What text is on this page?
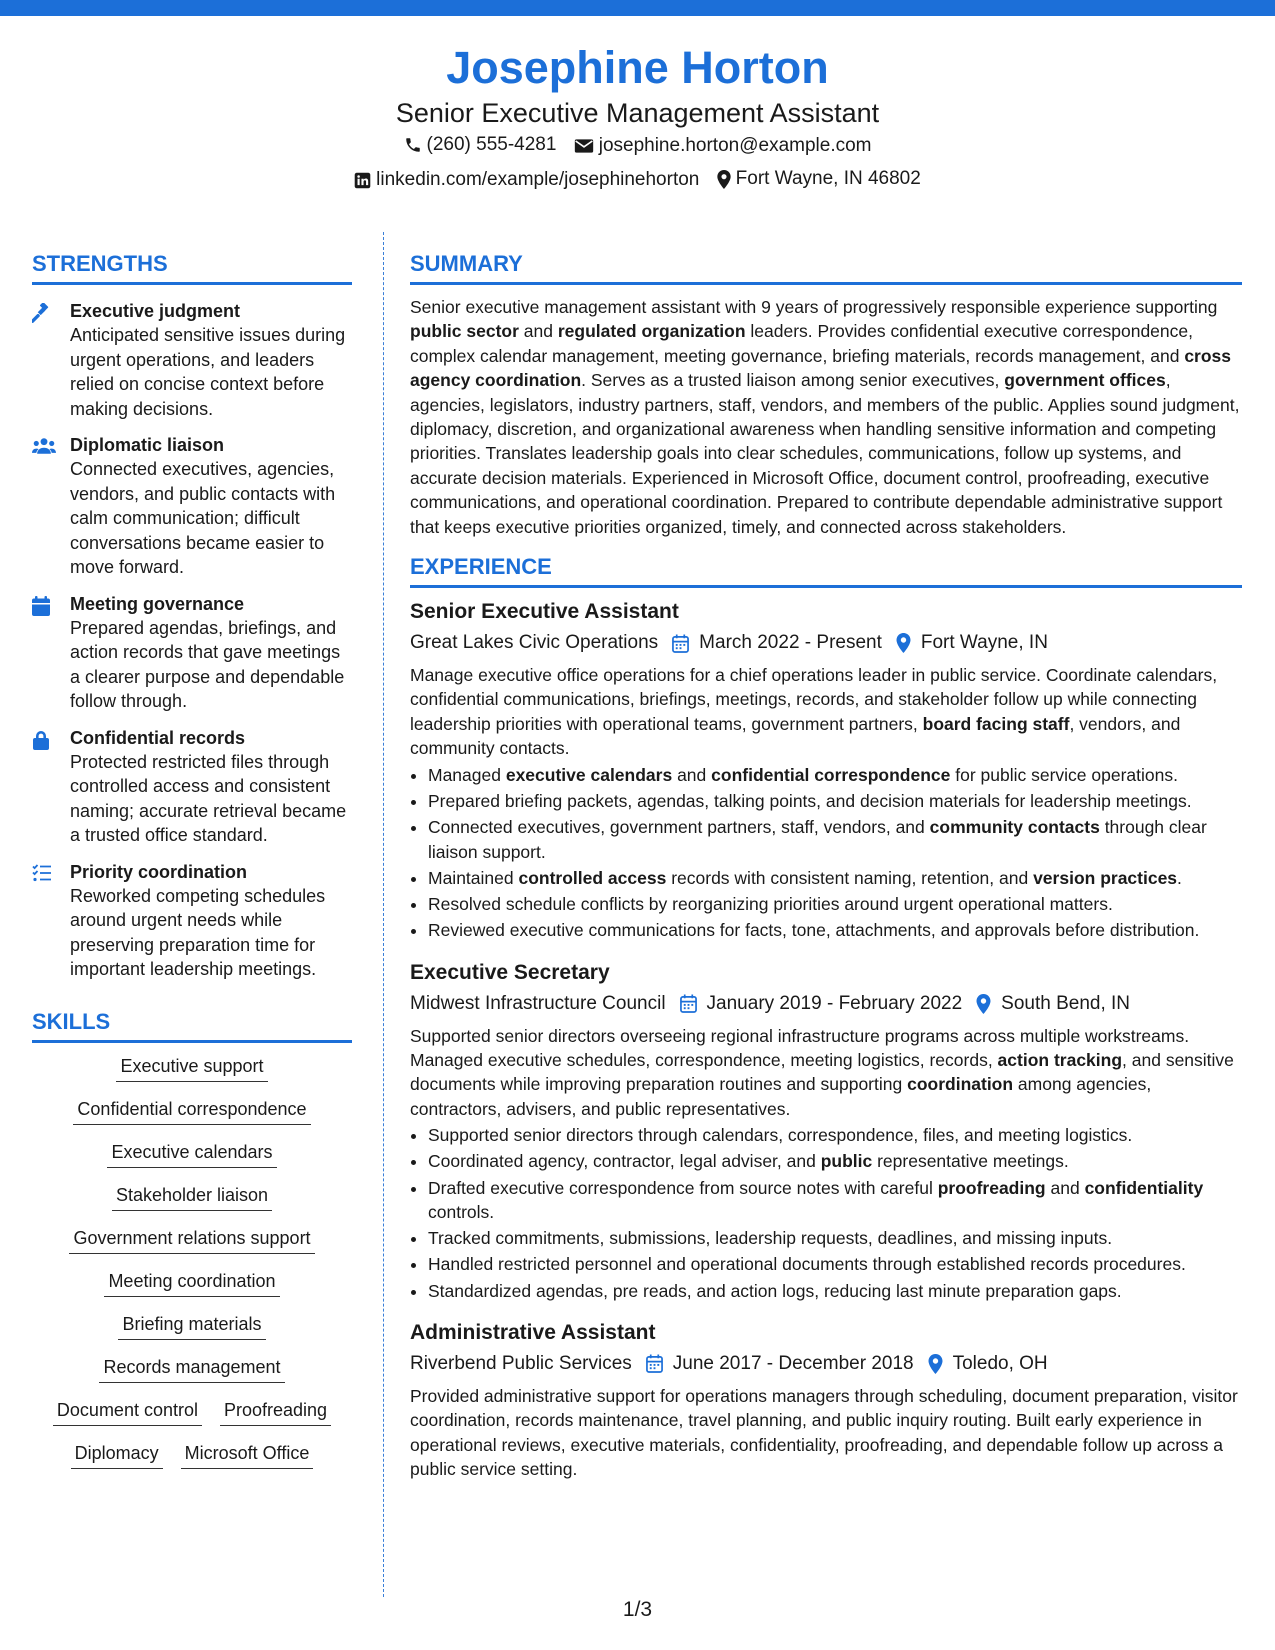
Josephine Horton
Senior Executive Management Assistant
(260) 555-4281
josephine.horton@example.com
linkedin.com/example/josephinehorton
Fort Wayne, IN 46802
STRENGTHS
Executive judgment
Anticipated sensitive issues during urgent operations, and leaders relied on concise context before making decisions.
Diplomatic liaison
Connected executives, agencies, vendors, and public contacts with calm communication; difficult conversations became easier to move forward.
Meeting governance
Prepared agendas, briefings, and action records that gave meetings a clearer purpose and dependable follow through.
Confidential records
Protected restricted files through controlled access and consistent naming; accurate retrieval became a trusted office standard.
Priority coordination
Reworked competing schedules around urgent needs while preserving preparation time for important leadership meetings.
SKILLS
Executive support
Confidential correspondence
Executive calendars
Stakeholder liaison
Government relations support
Meeting coordination
Briefing materials
Records management
Document control Proofreading
Diplomacy Microsoft Office
SUMMARY
Senior executive management assistant with 9 years of progressively responsible experience supporting public sector and regulated organization leaders. Provides confidential executive correspondence, complex calendar management, meeting governance, briefing materials, records management, and cross agency coordination. Serves as a trusted liaison among senior executives, government offices, agencies, legislators, industry partners, staff, vendors, and members of the public. Applies sound judgment, diplomacy, discretion, and organizational awareness when handling sensitive information and competing priorities. Translates leadership goals into clear schedules, communications, follow up systems, and accurate decision materials. Experienced in Microsoft Office, document control, proofreading, executive communications, and operational coordination. Prepared to contribute dependable administrative support that keeps executive priorities organized, timely, and connected across stakeholders.
EXPERIENCE
Senior Executive Assistant
Great Lakes Civic Operations	March 2022 - Present	Fort Wayne, IN
Manage executive office operations for a chief operations leader in public service. Coordinate calendars, confidential communications, briefings, meetings, records, and stakeholder follow up while connecting leadership priorities with operational teams, government partners, board facing staff, vendors, and community contacts.
• Managed executive calendars and confidential correspondence for public service operations.
• Prepared briefing packets, agendas, talking points, and decision materials for leadership meetings.
• Connected executives, government partners, staff, vendors, and community contacts through clear liaison support.
• Maintained controlled access records with consistent naming, retention, and version practices.
• Resolved schedule conflicts by reorganizing priorities around urgent operational matters.
• Reviewed executive communications for facts, tone, attachments, and approvals before distribution.
Executive Secretary
Midwest Infrastructure Council	January 2019 - February 2022	South Bend, IN
Supported senior directors overseeing regional infrastructure programs across multiple workstreams. Managed executive schedules, correspondence, meeting logistics, records, action tracking, and sensitive documents while improving preparation routines and supporting coordination among agencies, contractors, advisers, and public representatives.
• Supported senior directors through calendars, correspondence, files, and meeting logistics.
• Coordinated agency, contractor, legal adviser, and public representative meetings.
• Drafted executive correspondence from source notes with careful proofreading and confidentiality controls.
• Tracked commitments, submissions, leadership requests, deadlines, and missing inputs.
• Handled restricted personnel and operational documents through established records procedures.
• Standardized agendas, pre reads, and action logs, reducing last minute preparation gaps.
Administrative Assistant
Riverbend Public Services	June 2017 - December 2018	Toledo, OH
Provided administrative support for operations managers through scheduling, document preparation, visitor coordination, records maintenance, travel planning, and public inquiry routing. Built early experience in operational reviews, executive materials, confidentiality, proofreading, and dependable follow up across a public service setting.
1/3
